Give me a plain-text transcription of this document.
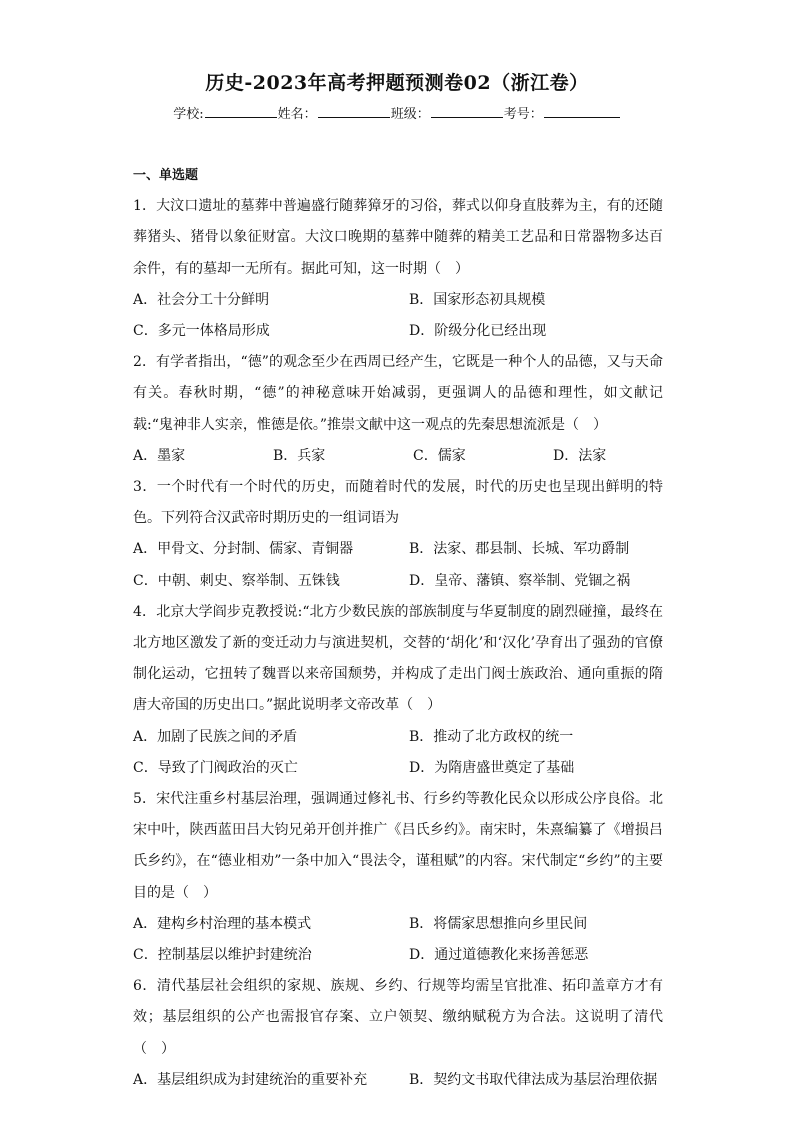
历史-2023年高考押题预测卷02（浙江卷）
学校:	姓名：	班级：	考号：
一、单选题
1．大汶口遗址的墓葬中普遍盛行随葬獐牙的习俗，葬式以仰身直肢葬为主，有的还随葬猪头、猪骨以象征财富。大汶口晚期的墓葬中随葬的精美工艺品和日常器物多达百余件，有的墓却一无所有。据此可知，这一时期（　）
A．社会分工十分鲜明	B．国家形态初具规模
C．多元一体格局形成	D．阶级分化已经出现
2．有学者指出，“德”的观念至少在西周已经产生，它既是一种个人的品德，又与天命有关。春秋时期，“德”的神秘意味开始减弱，更强调人的品德和理性，如文献记载:“鬼神非人实亲，惟德是依。”推崇文献中这一观点的先秦思想流派是（　）
A．墨家	B．兵家	C．儒家	D．法家
3．一个时代有一个时代的历史，而随着时代的发展，时代的历史也呈现出鲜明的特色。下列符合汉武帝时期历史的一组词语为
A．甲骨文、分封制、儒家、青铜器	B．法家、郡县制、长城、军功爵制
C．中朝、刺史、察举制、五铢钱	D．皇帝、藩镇、察举制、党锢之祸
4．北京大学阎步克教授说:“北方少数民族的部族制度与华夏制度的剧烈碰撞，最终在北方地区激发了新的变迁动力与演进契机，交替的‘胡化’和‘汉化’孕育出了强劲的官僚制化运动，它扭转了魏晋以来帝国颓势，并构成了走出门阀士族政治、通向重振的隋唐大帝国的历史出口。”据此说明孝文帝改革（　）
A．加剧了民族之间的矛盾	B．推动了北方政权的统一
C．导致了门阀政治的灭亡	D．为隋唐盛世奠定了基础
5．宋代注重乡村基层治理，强调通过修礼书、行乡约等教化民众以形成公序良俗。北宋中叶，陕西蓝田吕大钧兄弟开创并推广《吕氏乡约》。南宋时，朱熹编纂了《增损吕氏乡约》，在“德业相劝”一条中加入“畏法令，谨租赋”的内容。宋代制定“乡约”的主要目的是（　）
A．建构乡村治理的基本模式	B．将儒家思想推向乡里民间
C．控制基层以维护封建统治	D．通过道德教化来扬善惩恶
6．清代基层社会组织的家规、族规、乡约、行规等均需呈官批准、拓印盖章方才有效；基层组织的公产也需报官存案、立户领契、缴纳赋税方为合法。这说明了清代（　）
A．基层组织成为封建统治的重要补充	B．契约文书取代律法成为基层治理依据
